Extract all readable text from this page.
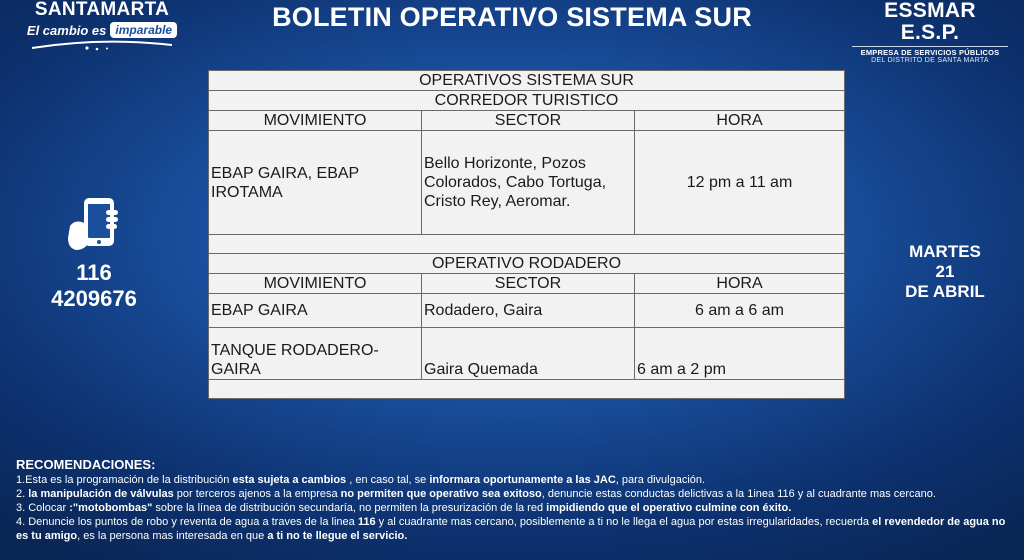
SANTAMARTA
El cambio es imparable	BOLETIN OPERATIVO SISTEMA SUR	ESSMAR E.S.P.
EMPRESA DE SERVICIOS PÚBLICOS
DEL DISTRITO DE SANTA MARTA
116
4209676
MARTES
21
DE ABRIL
OPERATIVOS SISTEMA SUR		
CORREDOR TURISTICO		
MOVIMIENTO	SECTOR	HORA
EBAP GAIRA, EBAP IROTAMA	Bello Horizonte, Pozos Colorados, Cabo Tortuga, Cristo Rey, Aeromar.	12 pm a 11 am

OPERATIVO RODADERO		
MOVIMIENTO	SECTOR	HORA
EBAP GAIRA	Rodadero, Gaira	6 am a 6 am
TANQUE RODADERO-GAIRA	Gaira Quemada	6 am a 2 pm

RECOMENDACIONES:
1.Esta es la programación de la distribución esta sujeta a cambios , en caso tal, se informara oportunamente a las JAC, para divulgación.
2. la manipulación de válvulas por terceros ajenos a la empresa no permiten que operativo sea exitoso, denuncie estas conductas delictivas a la 1inea 116 y al cuadrante mas cercano.
3. Colocar :"motobombas" sobre la línea de distribución secundaría, no permiten la presurización de la red impidiendo que el operativo culmine con éxito.
4. Denuncie los puntos de robo y reventa de agua a traves de la linea 116 y al cuadrante mas cercano, posiblemente a ti no le llega el agua por estas irregularidades, recuerda el revendedor de agua no es tu amigo, es la persona mas interesada en que a ti no te llegue el servicio.
